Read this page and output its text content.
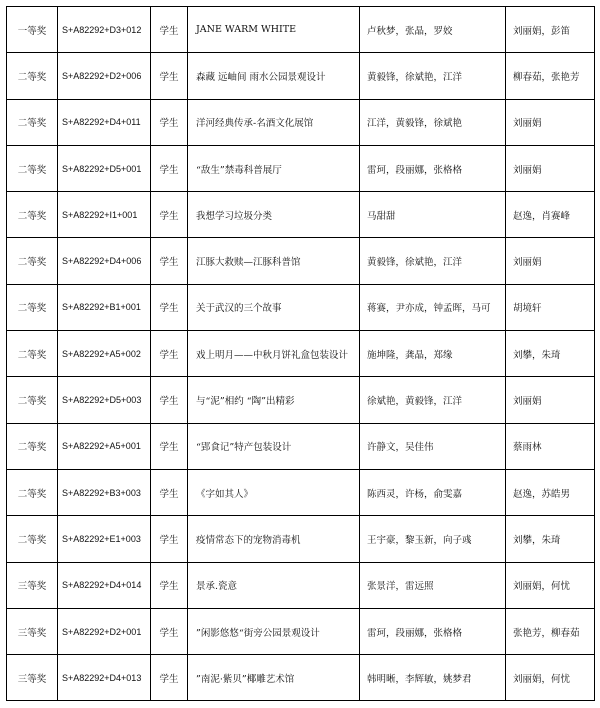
一等奖	S+A82292+D3+012	学生	JANE WARM WHITE	卢秋梦，张晶，罗姣	刘丽娟，彭笛
二等奖	S+A82292+D2+006	学生	森藏 远岫间 雨水公园景观设计	黄毅锋，徐斌艳，江洋	柳春茹，张艳芳
二等奖	S+A82292+D4+011	学生	洋河经典传承-名酒文化展馆	江洋，黄毅锋，徐斌艳	刘丽娟
二等奖	S+A82292+D5+001	学生	“敌生”禁毒科普展厅	雷珂，段丽娜，张格格	刘丽娟
二等奖	S+A82292+I1+001	学生	我想学习垃圾分类	马甜甜	赵逸，肖赛峰
二等奖	S+A82292+D4+006	学生	江豚大救赎—江豚科普馆	黄毅锋，徐斌艳，江洋	刘丽娟
二等奖	S+A82292+B1+001	学生	关于武汉的三个故事	蒋赛，尹亦成，钟孟晖，马可	胡境轩
二等奖	S+A82292+A5+002	学生	戏上明月——中秋月饼礼盒包装设计	施坤隆，龚晶，郑缘	刘攀，朱琦
二等奖	S+A82292+D5+003	学生	与“泥”相约 “陶”出精彩	徐斌艳，黄毅锋，江洋	刘丽娟
二等奖	S+A82292+A5+001	学生	“郢食记”特产包装设计	许静文，吴佳伟	蔡雨林
二等奖	S+A82292+B3+003	学生	《字如其人》	陈西灵，许杨，俞雯嘉	赵逸，苏皓男
二等奖	S+A82292+E1+003	学生	疫情常态下的宠物消毒机	王宇豪，黎玉新，向子彧	刘攀，朱琦
三等奖	S+A82292+D4+014	学生	景承.瓷意	张景洋，雷远照	刘丽娟，何忧
三等奖	S+A82292+D2+001	学生	”闲影悠悠“街旁公园景观设计	雷珂，段丽娜，张格格	张艳芳，柳春茹
三等奖	S+A82292+D4+013	学生	”南泥·紫贝”椰雕艺术馆	韩明晰，李辉敏，姚梦君	刘丽娟，何忧
